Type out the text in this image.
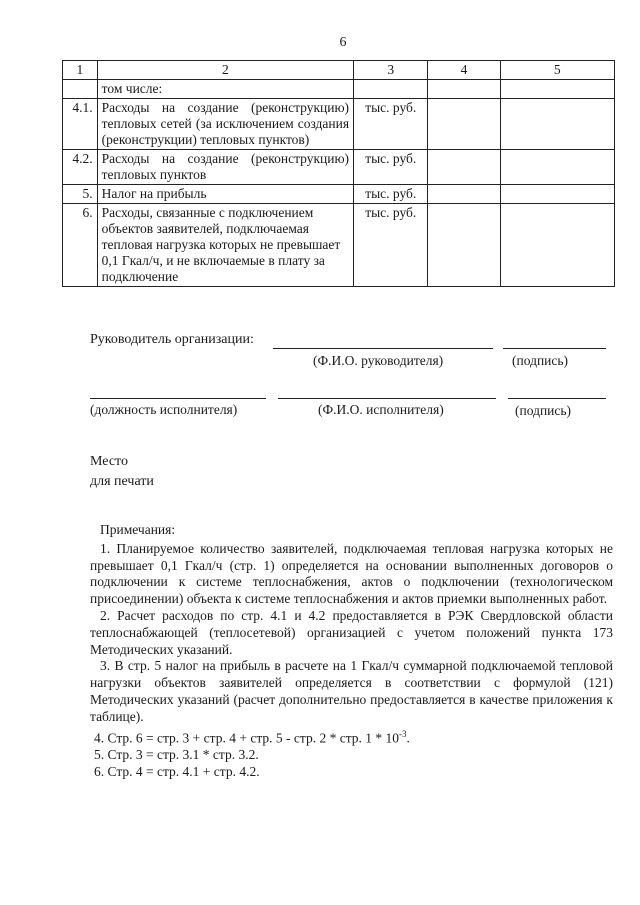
6
1	2	3	4	5
	том числе:			
4.1.	Расходы на создание (реконструкцию) тепловых сетей (за исключением создания (реконструкции) тепловых пунктов)	тыс. руб.		
4.2.	Расходы на создание (реконструкцию) тепловых пунктов	тыс. руб.		
5.	Налог на прибыль	тыс. руб.		
6.	Расходы, связанные с подключением объектов заявителей, подключаемая тепловая нагрузка которых не превышает 0,1 Гкал/ч, и не включаемые в плату за подключение	тыс. руб.		
Руководитель организации:
(Ф.И.О. руководителя)	(подпись)
(должность исполнителя)	(Ф.И.О. исполнителя)	(подпись)
Место
для печати
Примечания:
1. Планируемое количество заявителей, подключаемая тепловая нагрузка которых не превышает 0,1 Гкал/ч (стр. 1) определяется на основании выполненных договоров о подключении к системе теплоснабжения, актов о подключении (технологическом присоединении) объекта к системе теплоснабжения и актов приемки выполненных работ.
2. Расчет расходов по стр. 4.1 и 4.2 предоставляется в РЭК Свердловской области теплоснабжающей (теплосетевой) организацией с учетом положений пункта 173 Методических указаний.
3. В стр. 5 налог на прибыль в расчете на 1 Гкал/ч суммарной подключаемой тепловой нагрузки объектов заявителей определяется в соответствии с формулой (121) Методических указаний (расчет дополнительно предоставляется в качестве приложения к таблице).
4. Стр. 6 = стр. 3 + стр. 4 + стр. 5 - стр. 2 * стр. $1 * 10^{-3}$.
5. Стр. 3 = стр. 3.1 * стр. 3.2.
6. Стр. 4 = стр. 4.1 + стр. 4.2.
